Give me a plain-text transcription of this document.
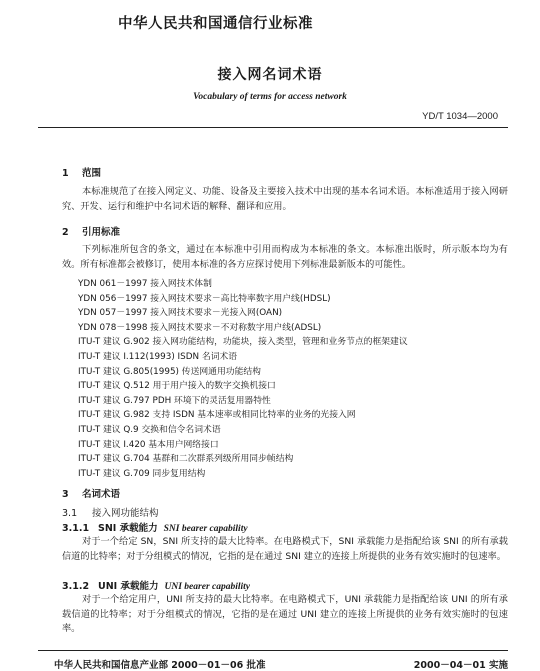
中华人民共和国通信行业标准
接入网名词术语
Vocabulary of terms for access network
YD/T 1034—2000
1 范围
本标准规范了在接入网定义、功能、设备及主要接入技术中出现的基本名词术语。本标准适用于接入网研究、开发、运行和维护中名词术语的解释、翻译和应用。
2 引用标准
下列标准所包含的条文，通过在本标准中引用而构成为本标准的条文。本标准出版时，所示版本均为有效。所有标准都会被修订，使用本标准的各方应探讨使用下列标准最新版本的可能性。
YDN 061－1997 接入网技术体制
YDN 056－1997 接入网技术要求－高比特率数字用户线(HDSL)
YDN 057－1997 接入网技术要求－光接入网(OAN)
YDN 078－1998 接入网技术要求－不对称数字用户线(ADSL)
ITU-T 建议 G.902 接入网功能结构，功能块，接入类型，管理和业务节点的框架建议
ITU-T 建议 I.112(1993) ISDN 名词术语
ITU-T 建议 G.805(1995) 传送网通用功能结构
ITU-T 建议 Q.512 用于用户接入的数字交换机接口
ITU-T 建议 G.797 PDH 环境下的灵活复用器特性
ITU-T 建议 G.982 支持 ISDN 基本速率或相同比特率的业务的光接入网
ITU-T 建议 Q.9 交换和信令名词术语
ITU-T 建议 I.420 基本用户网络接口
ITU-T 建议 G.704 基群和二次群系列级所用同步帧结构
ITU-T 建议 G.709 同步复用结构
3 名词术语
3.1 接入网功能结构
3.1.1 SNI 承载能力 SNI bearer capability
对于一个给定 SN，SNI 所支持的最大比特率。在电路模式下，SNI 承载能力是指配给该 SNI 的所有承载信道的比特率；对于分组模式的情况，它指的是在通过 SNI 建立的连接上所提供的业务有效实施时的包速率。
3.1.2 UNI 承载能力 UNI bearer capability
对于一个给定用户，UNI 所支持的最大比特率。在电路模式下，UNI 承载能力是指配给该 UNI 的所有承载信道的比特率；对于分组模式的情况，它指的是在通过 UNI 建立的连接上所提供的业务有效实施时的包速率。
中华人民共和国信息产业部 2000－01－06 批准	2000－04－01 实施
